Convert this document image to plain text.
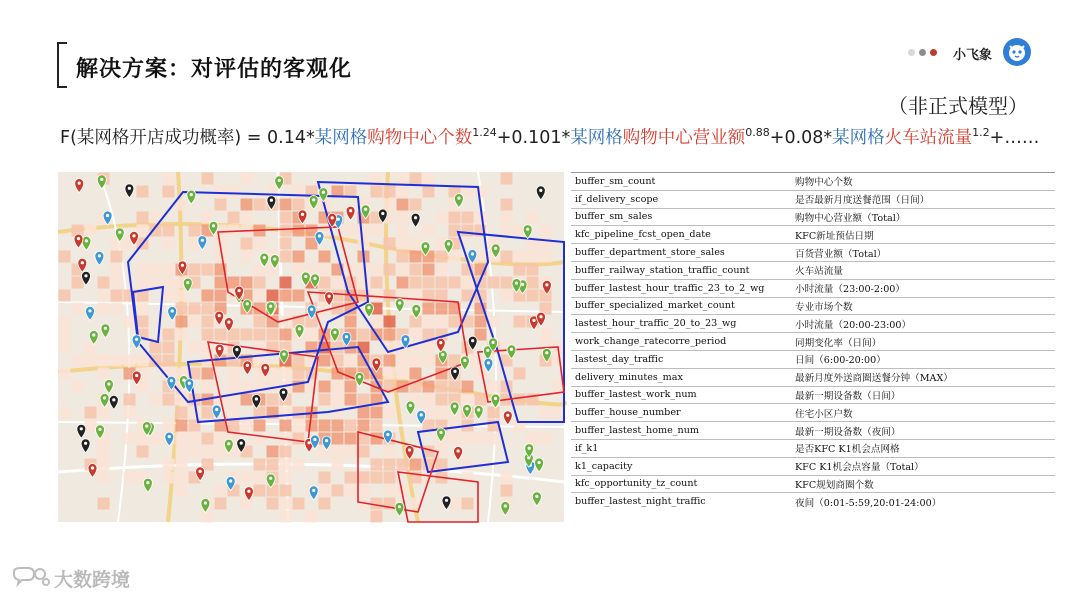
解决方案：对评估的客观化
小飞象
（非正式模型）
F(某网格开店成功概率) = 0.14*某网格购物中心个数$^{1.24}$+0.101*某网格购物中心营业额$^{0.88}$+0.08*某网格火车站流量$^{1.2}$+……
buffer_sm_count	购物中心个数
if_delivery_scope	是否最新月度送餐范围（日间）
buffer_sm_sales	购物中心营业额（Total）
kfc_pipeline_fcst_open_date	KFC新址预估日期
buffer_department_store_sales	百货营业额（Total）
buffer_railway_station_traffic_count	火车站流量
buffer_lastest_hour_traffic_23_to_2_wg	小时流量（23:00-2:00）
buffer_specialized_market_count	专业市场个数
lastest_hour_traffic_20_to_23_wg	小时流量（20:00-23:00）
work_change_ratecorre_period	同期变化率（日间）
lastest_day_traffic	日间（6:00-20:00）
delivery_minutes_max	最新月度外送商圈送餐分钟（MAX）
buffer_lastest_work_num	最新一期设备数（日间）
buffer_house_number	住宅小区户数
buffer_lastest_home_num	最新一期设备数（夜间）
if_k1	是否KFC K1机会点网格
k1_capacity	KFC K1机会点容量（Total）
kfc_opportunity_tz_count	KFC规划商圈个数
buffer_lastest_night_traffic	夜间（0:01-5:59,20:01-24:00）
大数跨境
